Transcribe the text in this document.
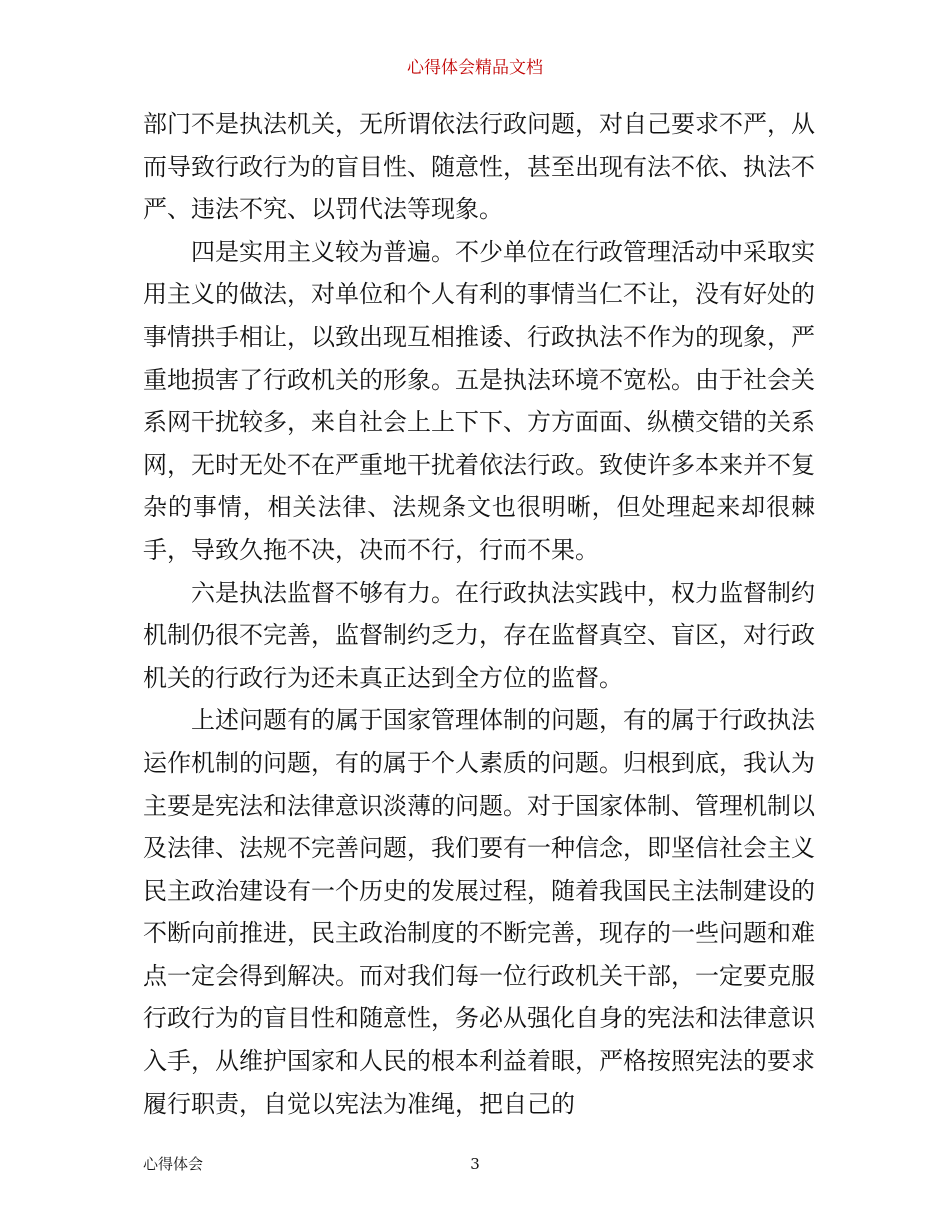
心得体会精品文档

部门不是执法机关，无所谓依法行政问题，对自己要求不严，从而导致行政行为的盲目性、随意性，甚至出现有法不依、执法不严、违法不究、以罚代法等现象。

四是实用主义较为普遍。不少单位在行政管理活动中采取实用主义的做法，对单位和个人有利的事情当仁不让，没有好处的事情拱手相让，以致出现互相推诿、行政执法不作为的现象，严重地损害了行政机关的形象。五是执法环境不宽松。由于社会关系网干扰较多，来自社会上上下下、方方面面、纵横交错的关系网，无时无处不在严重地干扰着依法行政。致使许多本来并不复杂的事情，相关法律、法规条文也很明晰，但处理起来却很棘手，导致久拖不决，决而不行，行而不果。

六是执法监督不够有力。在行政执法实践中，权力监督制约机制仍很不完善，监督制约乏力，存在监督真空、盲区，对行政机关的行政行为还未真正达到全方位的监督。

上述问题有的属于国家管理体制的问题，有的属于行政执法运作机制的问题，有的属于个人素质的问题。归根到底，我认为主要是宪法和法律意识淡薄的问题。对于国家体制、管理机制以及法律、法规不完善问题，我们要有一种信念，即坚信社会主义民主政治建设有一个历史的发展过程，随着我国民主法制建设的不断向前推进，民主政治制度的不断完善，现存的一些问题和难点一定会得到解决。而对我们每一位行政机关干部，一定要克服行政行为的盲目性和随意性，务必从强化自身的宪法和法律意识入手，从维护国家和人民的根本利益着眼，严格按照宪法的要求履行职责，自觉以宪法为准绳，把自己的

心得体会	3
